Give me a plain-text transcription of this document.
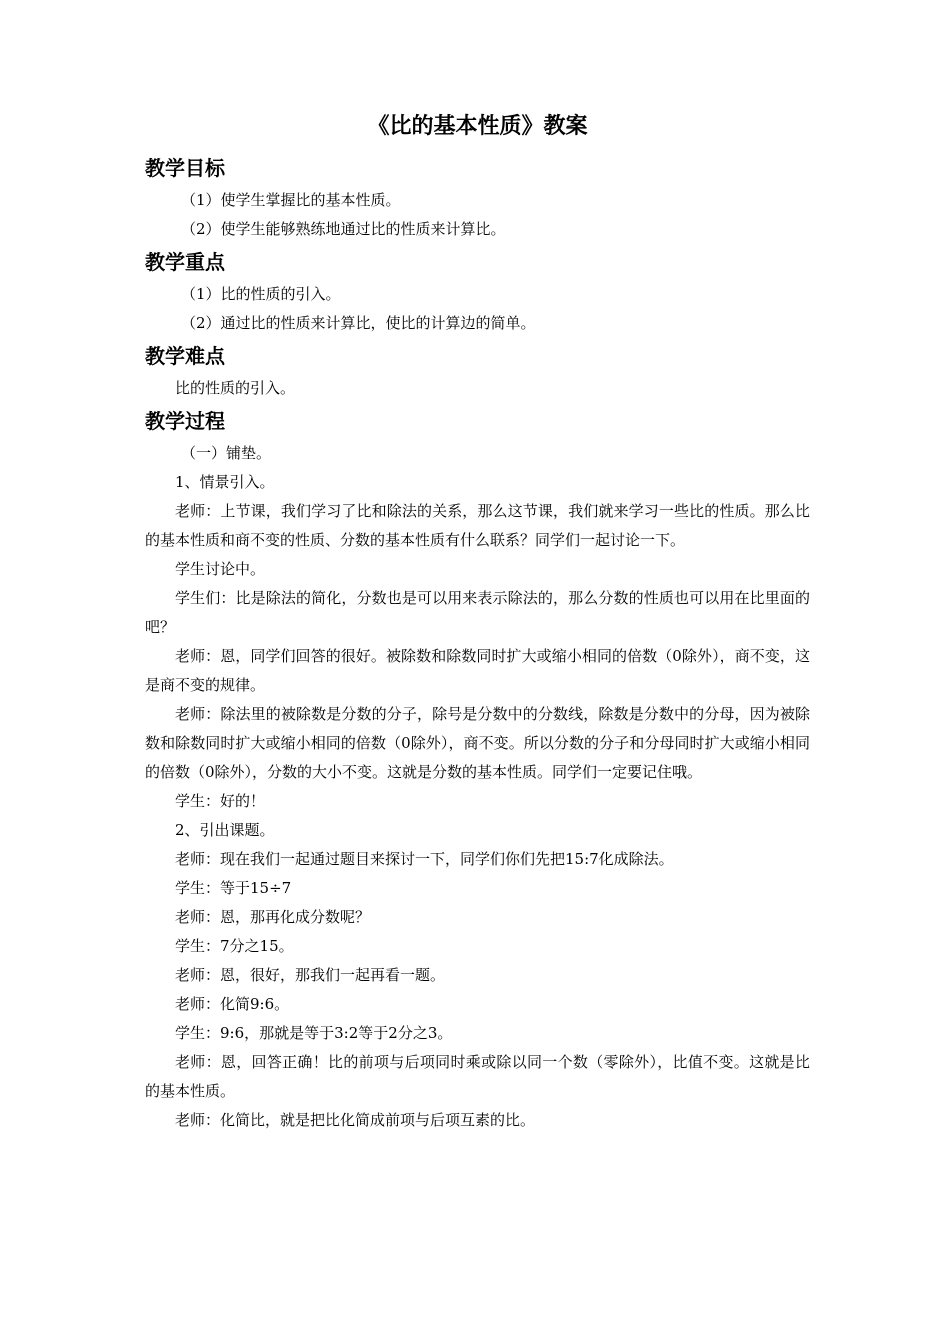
《比的基本性质》教案
教学目标

（1）使学生掌握比的基本性质。

（2）使学生能够熟练地通过比的性质来计算比。

教学重点

（1）比的性质的引入。

（2）通过比的性质来计算比，使比的计算边的简单。

教学难点

比的性质的引入。

教学过程

（一）铺垫。

1、情景引入。

老师：上节课，我们学习了比和除法的关系，那么这节课，我们就来学习一些比的性质。那么比的基本性质和商不变的性质、分数的基本性质有什么联系？同学们一起讨论一下。

学生讨论中。

学生们：比是除法的简化，分数也是可以用来表示除法的，那么分数的性质也可以用在比里面的吧？

老师：恩，同学们回答的很好。被除数和除数同时扩大或缩小相同的倍数（0除外），商不变，这是商不变的规律。

老师：除法里的被除数是分数的分子，除号是分数中的分数线，除数是分数中的分母，因为被除数和除数同时扩大或缩小相同的倍数（0除外），商不变。所以分数的分子和分母同时扩大或缩小相同的倍数（0除外），分数的大小不变。这就是分数的基本性质。同学们一定要记住哦。

学生：好的！

2、引出课题。

老师：现在我们一起通过题目来探讨一下，同学们你们先把15:7化成除法。

学生：等于15÷7

老师：恩，那再化成分数呢？

学生：7分之15。

老师：恩，很好，那我们一起再看一题。

老师：化简9:6。

学生：9:6，那就是等于3:2等于2分之3。

老师：恩，回答正确！比的前项与后项同时乘或除以同一个数（零除外），比值不变。这就是比的基本性质。

老师：化简比，就是把比化简成前项与后项互素的比。
